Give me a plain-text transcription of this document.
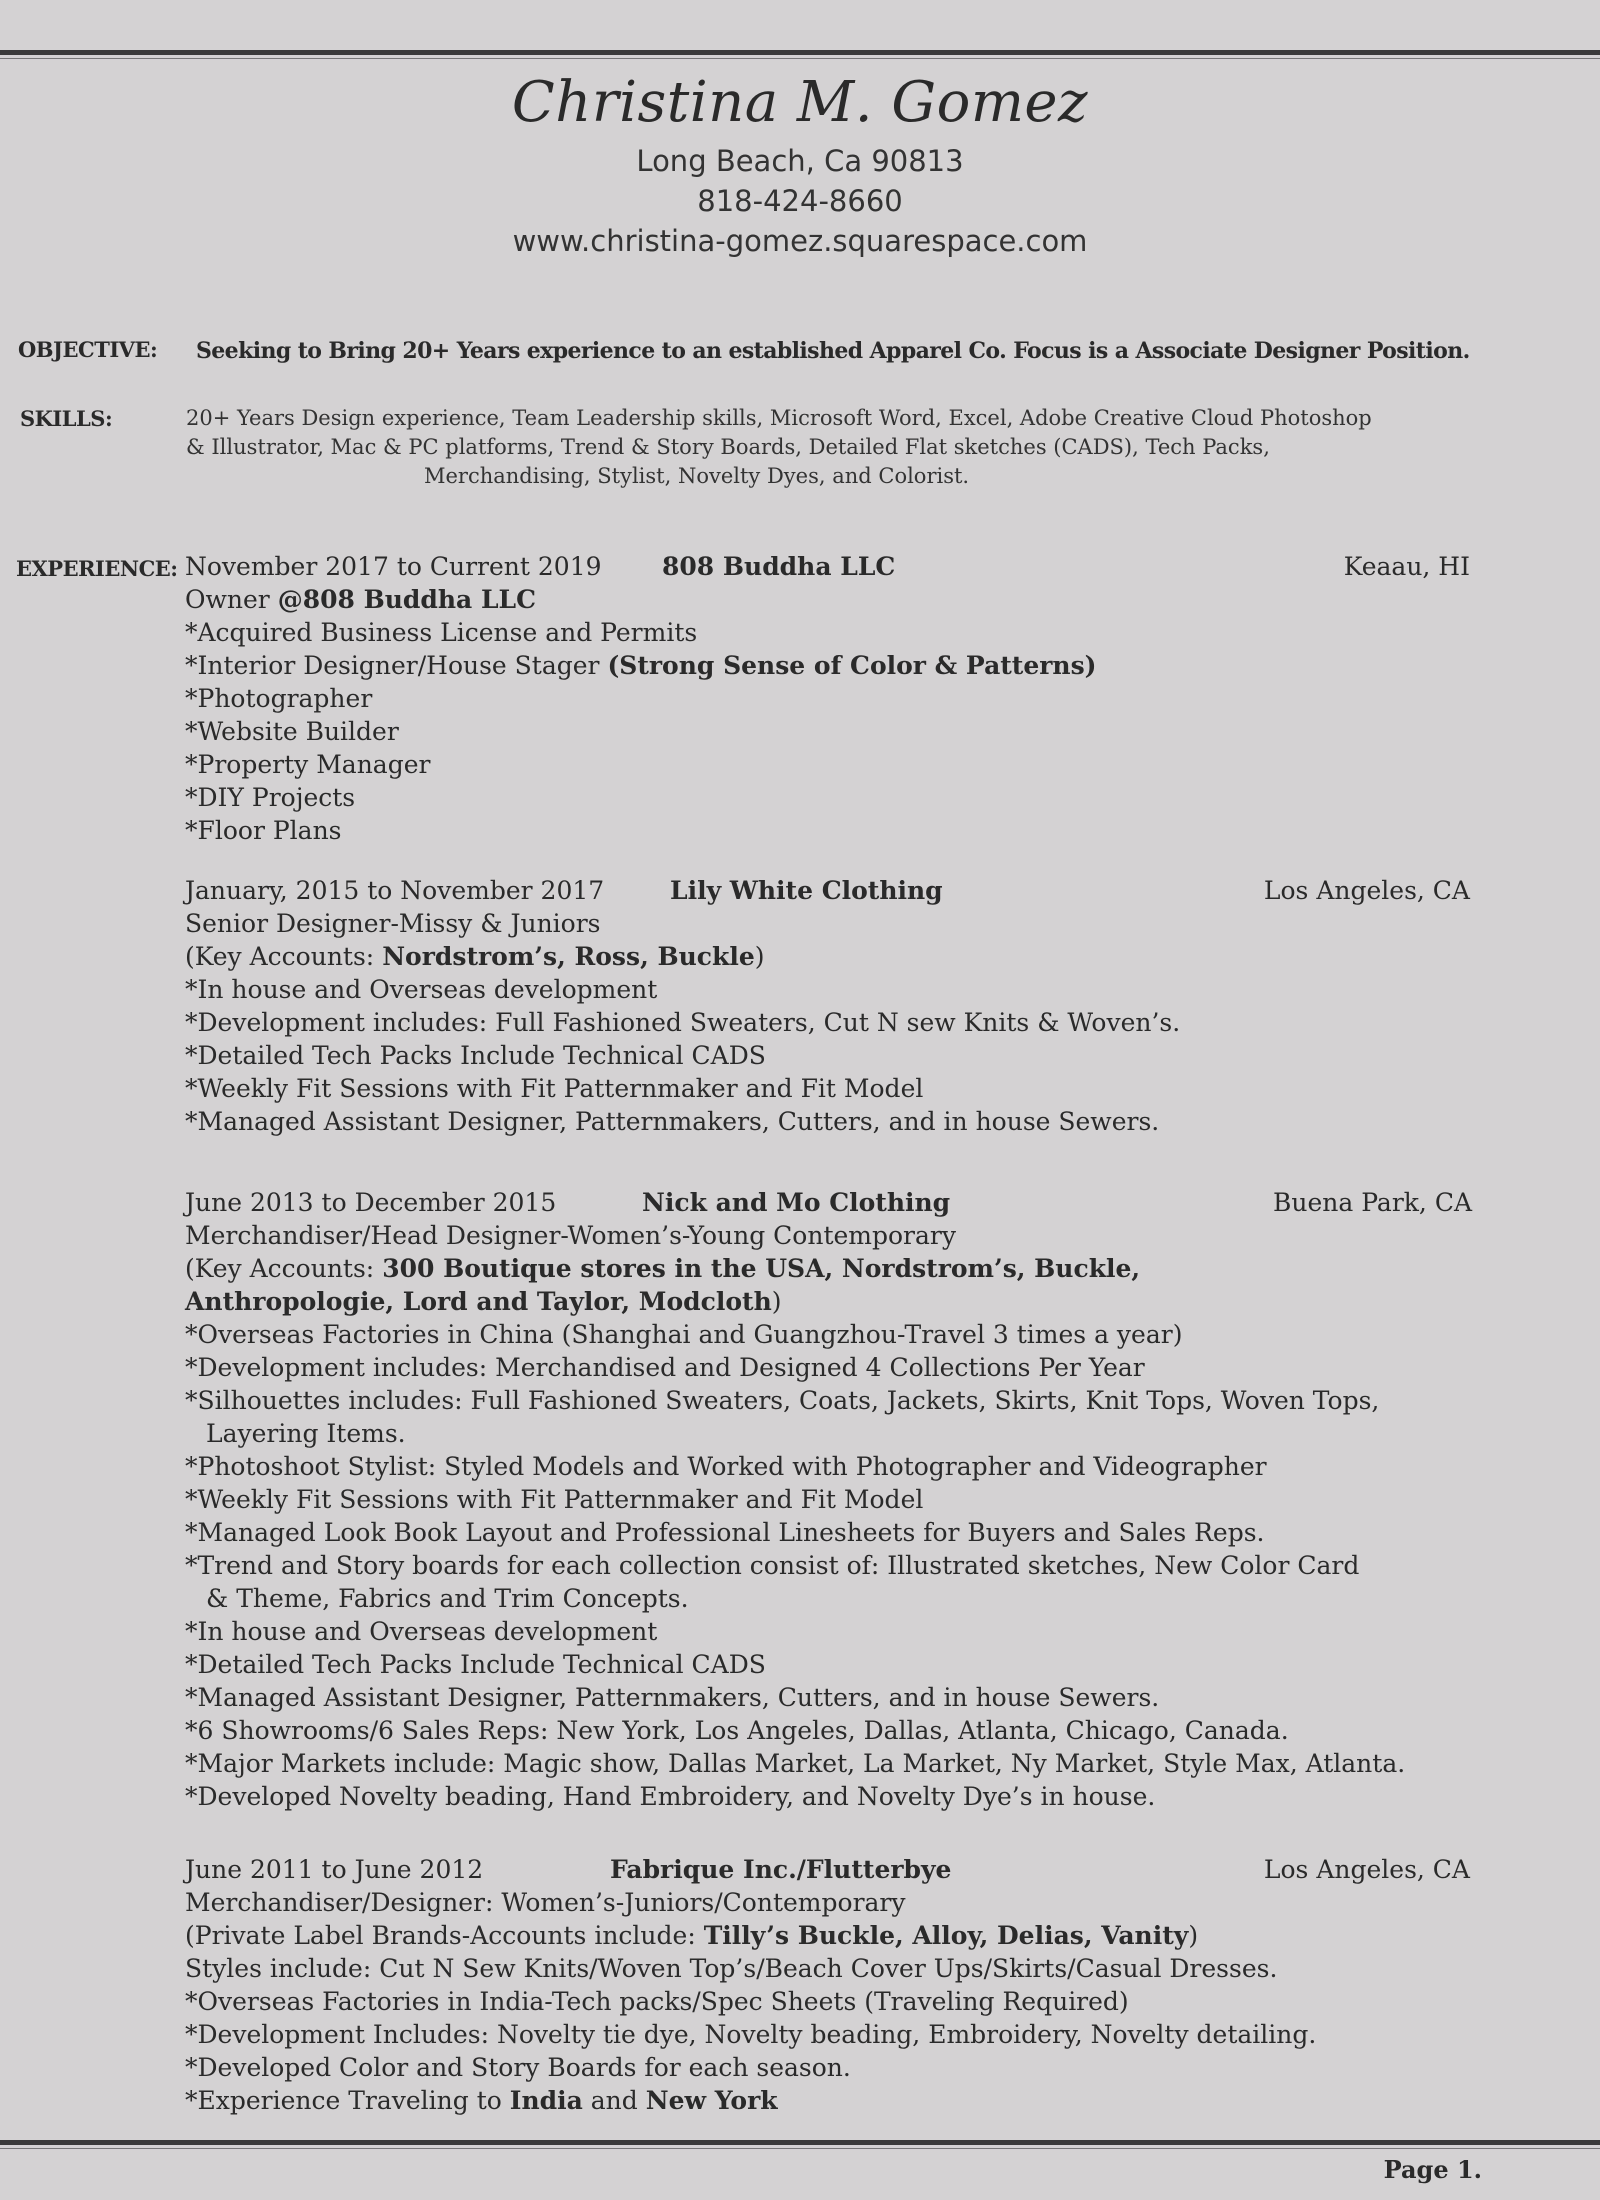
Christina M. Gomez
Long Beach, Ca 90813
818-424-8660
www.christina-gomez.squarespace.com
OBJECTIVE: Seeking to Bring 20+ Years experience to an established Apparel Co. Focus is a Associate Designer Position.
SKILLS:	20+ Years Design experience, Team Leadership skills, Microsoft Word, Excel, Adobe Creative Cloud Photoshop
& Illustrator, Mac & PC platforms, Trend & Story Boards, Detailed Flat sketches (CADS), Tech Packs,
Merchandising, Stylist, Novelty Dyes, and Colorist.
EXPERIENCE: November 2017 to Current 2019 808 Buddha LLC	Keaau, HI
Owner @808 Buddha LLC
*Acquired Business License and Permits
*Interior Designer/House Stager (Strong Sense of Color & Patterns)
*Photographer
*Website Builder
*Property Manager
*DIY Projects
*Floor Plans
January, 2015 to November 2017	Lily White Clothing	Los Angeles, CA
Senior Designer-Missy & Juniors
(Key Accounts: Nordstrom’s, Ross, Buckle)
*In house and Overseas development
*Development includes: Full Fashioned Sweaters, Cut N sew Knits & Woven’s.
*Detailed Tech Packs Include Technical CADS
*Weekly Fit Sessions with Fit Patternmaker and Fit Model
*Managed Assistant Designer, Patternmakers, Cutters, and in house Sewers.
June 2013 to December 2015	Nick and Mo Clothing	Buena Park, CA
Merchandiser/Head Designer-Women’s-Young Contemporary
(Key Accounts: 300 Boutique stores in the USA, Nordstrom’s, Buckle,
Anthropologie, Lord and Taylor, Modcloth)
*Overseas Factories in China (Shanghai and Guangzhou-Travel 3 times a year)
*Development includes: Merchandised and Designed 4 Collections Per Year
*Silhouettes includes: Full Fashioned Sweaters, Coats, Jackets, Skirts, Knit Tops, Woven Tops,
Layering Items.
*Photoshoot Stylist: Styled Models and Worked with Photographer and Videographer
*Weekly Fit Sessions with Fit Patternmaker and Fit Model
*Managed Look Book Layout and Professional Linesheets for Buyers and Sales Reps.
*Trend and Story boards for each collection consist of: Illustrated sketches, New Color Card
& Theme, Fabrics and Trim Concepts.
*In house and Overseas development
*Detailed Tech Packs Include Technical CADS
*Managed Assistant Designer, Patternmakers, Cutters, and in house Sewers.
*6 Showrooms/6 Sales Reps: New York, Los Angeles, Dallas, Atlanta, Chicago, Canada.
*Major Markets include: Magic show, Dallas Market, La Market, Ny Market, Style Max, Atlanta.
*Developed Novelty beading, Hand Embroidery, and Novelty Dye’s in house.
June 2011 to June 2012	Fabrique Inc./Flutterbye	Los Angeles, CA
Merchandiser/Designer: Women’s-Juniors/Contemporary
(Private Label Brands-Accounts include: Tilly’s Buckle, Alloy, Delias, Vanity)
Styles include: Cut N Sew Knits/Woven Top’s/Beach Cover Ups/Skirts/Casual Dresses.
*Overseas Factories in India-Tech packs/Spec Sheets (Traveling Required)
*Development Includes: Novelty tie dye, Novelty beading, Embroidery, Novelty detailing.
*Developed Color and Story Boards for each season.
*Experience Traveling to India and New York
Page 1.
